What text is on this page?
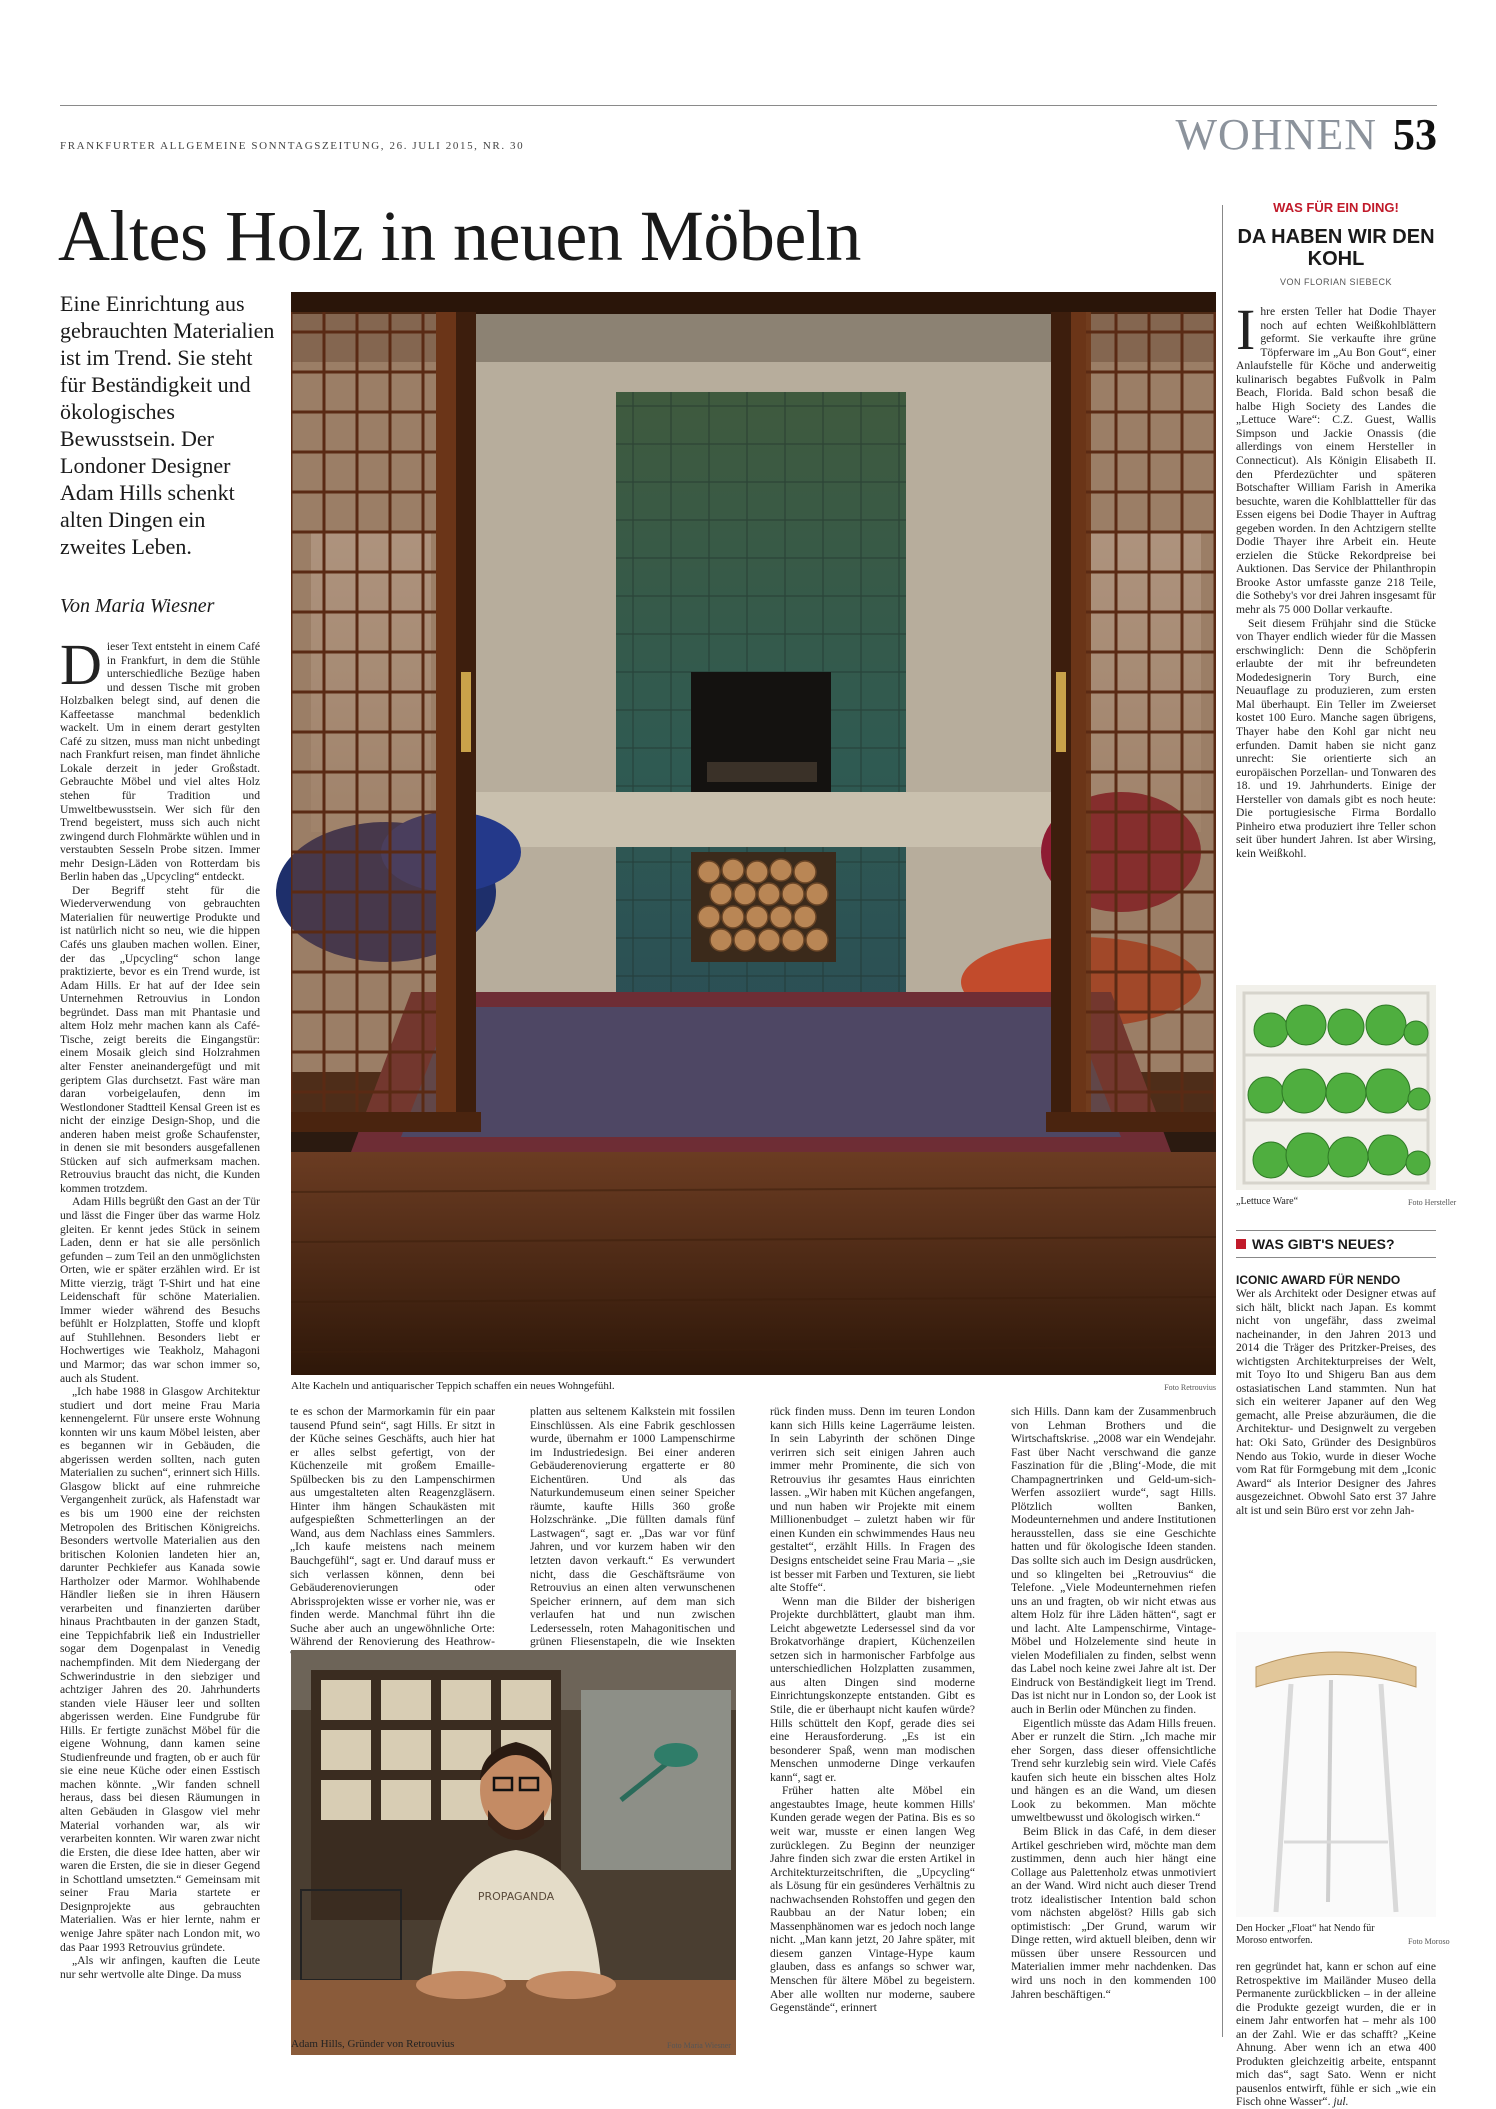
FRANKFURTER ALLGEMEINE SONNTAGSZEITUNG, 26. JULI 2015, NR. 30	WOHNEN 53
Altes Holz in neuen Möbeln
Eine Einrichtung aus gebrauchten Materialien ist im Trend. Sie steht für Beständigkeit und ökologisches Bewusstsein. Der Londoner Designer Adam Hills schenkt alten Dingen ein zweites Leben.
Von Maria Wiesner

Dieser Text entsteht in einem Café in Frankfurt, in dem die Stühle unterschiedliche Bezüge haben und dessen Tische mit groben Holzbalken belegt sind, auf denen die Kaffeetasse manchmal bedenklich wackelt. Um in einem derart gestylten Café zu sitzen, muss man nicht unbedingt nach Frankfurt reisen, man findet ähnliche Lokale derzeit in jeder Großstadt. Gebrauchte Möbel und viel altes Holz stehen für Tradition und Umweltbewusstsein. Wer sich für den Trend begeistert, muss sich auch nicht zwingend durch Flohmärkte wühlen und in verstaubten Sesseln Probe sitzen. Immer mehr Design-Läden von Rotterdam bis Berlin haben das „Upcycling“ entdeckt.

Der Begriff steht für die Wiederverwendung von gebrauchten Materialien für neuwertige Produkte und ist natürlich nicht so neu, wie die hippen Cafés uns glauben machen wollen. Einer, der das „Upcycling“ schon lange praktizierte, bevor es ein Trend wurde, ist Adam Hills. Er hat auf der Idee sein Unternehmen Retrouvius in London begründet. Dass man mit Phantasie und altem Holz mehr machen kann als Café-Tische, zeigt bereits die Eingangstür: einem Mosaik gleich sind Holzrahmen alter Fenster aneinandergefügt und mit geriptem Glas durchsetzt. Fast wäre man daran vorbeigelaufen, denn im Westlondoner Stadtteil Kensal Green ist es nicht der einzige Design-Shop, und die anderen haben meist große Schaufenster, in denen sie mit besonders ausgefallenen Stücken auf sich aufmerksam machen. Retrouvius braucht das nicht, die Kunden kommen trotzdem.

Adam Hills begrüßt den Gast an der Tür und lässt die Finger über das warme Holz gleiten. Er kennt jedes Stück in seinem Laden, denn er hat sie alle persönlich gefunden – zum Teil an den unmöglichsten Orten, wie er später erzählen wird. Er ist Mitte vierzig, trägt T-Shirt und hat eine Leidenschaft für schöne Materialien. Immer wieder während des Besuchs befühlt er Holzplatten, Stoffe und klopft auf Stuhllehnen. Besonders liebt er Hochwertiges wie Teakholz, Mahagoni und Marmor; das war schon immer so, auch als Student.

„Ich habe 1988 in Glasgow Architektur studiert und dort meine Frau Maria kennengelernt. Für unsere erste Wohnung konnten wir uns kaum Möbel leisten, aber es begannen wir in Gebäuden, die abgerissen werden sollten, nach guten Materialien zu suchen“, erinnert sich Hills. Glasgow blickt auf eine ruhmreiche Vergangenheit zurück, als Hafenstadt war es bis um 1900 eine der reichsten Metropolen des Britischen Königreichs. Besonders wertvolle Materialien aus den britischen Kolonien landeten hier an, darunter Pechkiefer aus Kanada sowie Hartholzer oder Marmor. Wohlhabende Händler ließen sie in ihren Häusern verarbeiten und finanzierten darüber hinaus Prachtbauten in der ganzen Stadt, eine Teppichfabrik ließ ein Industrieller sogar dem Dogenpalast in Venedig nachempfinden. Mit dem Niedergang der Schwerindustrie in den siebziger und achtziger Jahren des 20. Jahrhunderts standen viele Häuser leer und sollten abgerissen werden. Eine Fundgrube für Hills. Er fertigte zunächst Möbel für die eigene Wohnung, dann kamen seine Studienfreunde und fragten, ob er auch für sie eine neue Küche oder einen Esstisch machen könnte. „Wir fanden schnell heraus, dass bei diesen Räumungen in alten Gebäuden in Glasgow viel mehr Material vorhanden war, als wir verarbeiten konnten. Wir waren zwar nicht die Ersten, die diese Idee hatten, aber wir waren die Ersten, die sie in dieser Gegend in Schottland umsetzten.“ Gemeinsam mit seiner Frau Maria startete er Designprojekte aus gebrauchten Materialien. Was er hier lernte, nahm er wenige Jahre später nach London mit, wo das Paar 1993 Retrouvius gründete.

„Als wir anfingen, kauften die Leute nur sehr wertvolle alte Dinge. Da muss

Alte Kacheln und antiquarischer Teppich schaffen ein neues Wohngefühl.	Foto Retrouvius

te es schon der Marmorkamin für ein paar tausend Pfund sein“, sagt Hills. Er sitzt in der Küche seines Geschäfts, auch hier hat er alles selbst gefertigt, von der Küchenzeile mit großem Emaille-Spülbecken bis zu den Lampenschirmen aus umgestalteten alten Reagenzgläsern. Hinter ihm hängen Schaukästen mit aufgespießten Schmetterlingen an der Wand, aus dem Nachlass eines Sammlers. „Ich kaufe meistens nach meinem Bauchgefühl“, sagt er. Und darauf muss er sich verlassen können, denn bei Gebäuderenovierungen oder Abrissprojekten wisse er vorher nie, was er finden werde. Manchmal führt ihn die Suche aber auch an ungewöhnliche Orte: Während der Renovierung des Heathrow-

platten aus seltenem Kalkstein mit fossilen Einschlüssen. Als eine Fabrik geschlossen wurde, übernahm er 1000 Lampenschirme im Industriedesign. Bei einer anderen Gebäuderenovierung ergatterte er 80 Eichentüren. Und als das Naturkundemuseum einen seiner Speicher räumte, kaufte Hills 360 große Holzschränke. „Die füllten damals fünf Lastwagen“, sagt er. „Das war vor fünf Jahren, und vor kurzem haben wir den letzten davon verkauft.“ Es verwundert nicht, dass die Geschäftsräume von Retrouvius an einen alten verwunschenen Speicher erinnern, auf dem man sich verlaufen hat und nun zwischen Ledersesseln, roten Mahagonitischen und grünen Fliesenstapeln, die wie Insekten

PROPAGANDA
Adam Hills, Gründer von Retrouvius	Foto Maria Wiesner

rück finden muss. Denn im teuren London kann sich Hills keine Lagerräume leisten. In sein Labyrinth der schönen Dinge verirren sich seit einigen Jahren auch immer mehr Prominente, die sich von Retrouvius ihr gesamtes Haus einrichten lassen. „Wir haben mit Küchen angefangen, und nun haben wir Projekte mit einem Millionenbudget – zuletzt haben wir für einen Kunden ein schwimmendes Haus neu gestaltet“, erzählt Hills. In Fragen des Designs entscheidet seine Frau Maria – „sie ist besser mit Farben und Texturen, sie liebt alte Stoffe“.

Wenn man die Bilder der bisherigen Projekte durchblättert, glaubt man ihm. Leicht abgewetzte Ledersessel sind da vor Brokatvorhänge drapiert, Küchenzeilen setzen sich in harmonischer Farbfolge aus unterschiedlichen Holzplatten zusammen, aus alten Dingen sind moderne Einrichtungskonzepte entstanden. Gibt es Stile, die er überhaupt nicht kaufen würde? Hills schüttelt den Kopf, gerade dies sei eine Herausforderung. „Es ist ein besonderer Spaß, wenn man modischen Menschen unmoderne Dinge verkaufen kann“, sagt er.

Früher hatten alte Möbel ein angestaubtes Image, heute kommen Hills' Kunden gerade wegen der Patina. Bis es so weit war, musste er einen langen Weg zurücklegen. Zu Beginn der neunziger Jahre finden sich zwar die ersten Artikel in Architekturzeitschriften, die „Upcycling“ als Lösung für ein gesünderes Verhältnis zu nachwachsenden Rohstoffen und gegen den Raubbau an der Natur loben; ein Massenphänomen war es jedoch noch lange nicht. „Man kann jetzt, 20 Jahre später, mit diesem ganzen Vintage-Hype kaum glauben, dass es anfangs so schwer war, Menschen für ältere Möbel zu begeistern. Aber alle wollten nur moderne, saubere Gegenstände“, erinnert

sich Hills. Dann kam der Zusammenbruch von Lehman Brothers und die Wirtschaftskrise. „2008 war ein Wendejahr. Fast über Nacht verschwand die ganze Faszination für die ‚Bling‘-Mode, die mit Champagnertrinken und Geld-um-sich-Werfen assoziiert wurde“, sagt Hills. Plötzlich wollten Banken, Modeunternehmen und andere Institutionen herausstellen, dass sie eine Geschichte hatten und für ökologische Ideen standen. Das sollte sich auch im Design ausdrücken, und so klingelten bei „Retrouvius“ die Telefone. „Viele Modeunternehmen riefen uns an und fragten, ob wir nicht etwas aus altem Holz für ihre Läden hätten“, sagt er und lacht. Alte Lampenschirme, Vintage-Möbel und Holzelemente sind heute in vielen Modefilialen zu finden, selbst wenn das Label noch keine zwei Jahre alt ist. Der Eindruck von Beständigkeit liegt im Trend. Das ist nicht nur in London so, der Look ist auch in Berlin oder München zu finden.

Eigentlich müsste das Adam Hills freuen. Aber er runzelt die Stirn. „Ich mache mir eher Sorgen, dass dieser offensichtliche Trend sehr kurzlebig sein wird. Viele Cafés kaufen sich heute ein bisschen altes Holz und hängen es an die Wand, um diesen Look zu bekommen. Man möchte umweltbewusst und ökologisch wirken.“

Beim Blick in das Café, in dem dieser Artikel geschrieben wird, möchte man dem zustimmen, denn auch hier hängt eine Collage aus Palettenholz etwas unmotiviert an der Wand. Wird nicht auch dieser Trend trotz idealistischer Intention bald schon vom nächsten abgelöst? Hills gab sich optimistisch: „Der Grund, warum wir Dinge retten, wird aktuell bleiben, denn wir müssen über unsere Ressourcen und Materialien immer mehr nachdenken. Das wird uns noch in den kommenden 100 Jahren beschäftigen.“

WAS FÜR EIN DING!
DA HABEN WIR DEN KOHL
VON FLORIAN SIEBECK

Ihre ersten Teller hat Dodie Thayer noch auf echten Weißkohlblättern geformt. Sie verkaufte ihre grüne Töpferware im „Au Bon Gout“, einer Anlaufstelle für Köche und anderweitig kulinarisch begabtes Fußvolk in Palm Beach, Florida. Bald schon besaß die halbe High Society des Landes die „Lettuce Ware“: C.Z. Guest, Wallis Simpson und Jackie Onassis (die allerdings von einem Hersteller in Connecticut). Als Königin Elisabeth II. den Pferdezüchter und späteren Botschafter William Farish in Amerika besuchte, waren die Kohlblattteller für das Essen eigens bei Dodie Thayer in Auftrag gegeben worden. In den Achtzigern stellte Dodie Thayer ihre Arbeit ein. Heute erzielen die Stücke Rekordpreise bei Auktionen. Das Service der Philanthropin Brooke Astor umfasste ganze 218 Teile, die Sotheby's vor drei Jahren insgesamt für mehr als 75 000 Dollar verkaufte.

Seit diesem Frühjahr sind die Stücke von Thayer endlich wieder für die Massen erschwinglich: Denn die Schöpferin erlaubte der mit ihr befreundeten Modedesignerin Tory Burch, eine Neuauflage zu produzieren, zum ersten Mal überhaupt. Ein Teller im Zweierset kostet 100 Euro. Manche sagen übrigens, Thayer habe den Kohl gar nicht neu erfunden. Damit haben sie nicht ganz unrecht: Sie orientierte sich an europäischen Porzellan- und Tonwaren des 18. und 19. Jahrhunderts. Einige der Hersteller von damals gibt es noch heute: Die portugiesische Firma Bordallo Pinheiro etwa produziert ihre Teller schon seit über hundert Jahren. Ist aber Wirsing, kein Weißkohl.

„Lettuce Ware“	Foto Hersteller
WAS GIBT'S NEUES?
ICONIC AWARD FÜR NENDO

Wer als Architekt oder Designer etwas auf sich hält, blickt nach Japan. Es kommt nicht von ungefähr, dass zweimal nacheinander, in den Jahren 2013 und 2014 die Träger des Pritzker-Preises, des wichtigsten Architekturpreises der Welt, mit Toyo Ito und Shigeru Ban aus dem ostasiatischen Land stammten. Nun hat sich ein weiterer Japaner auf den Weg gemacht, alle Preise abzuräumen, die die Architektur- und Designwelt zu vergeben hat: Oki Sato, Gründer des Designbüros Nendo aus Tokio, wurde in dieser Woche vom Rat für Formgebung mit dem „Iconic Award“ als Interior Designer des Jahres ausgezeichnet. Obwohl Sato erst 37 Jahre alt ist und sein Büro erst vor zehn Jah-

Den Hocker „Float“ hat Nendo für Moroso entworfen.	Foto Moroso

ren gegründet hat, kann er schon auf eine Retrospektive im Mailänder Museo della Permanente zurückblicken – in der alleine die Produkte gezeigt wurden, die er in einem Jahr entworfen hat – mehr als 100 an der Zahl. Wie er das schafft? „Keine Ahnung. Aber wenn ich an etwa 400 Produkten gleichzeitig arbeite, entspannt mich das“, sagt Sato. Wenn er nicht pausenlos entwirft, fühle er sich „wie ein Fisch ohne Wasser“. jul.
